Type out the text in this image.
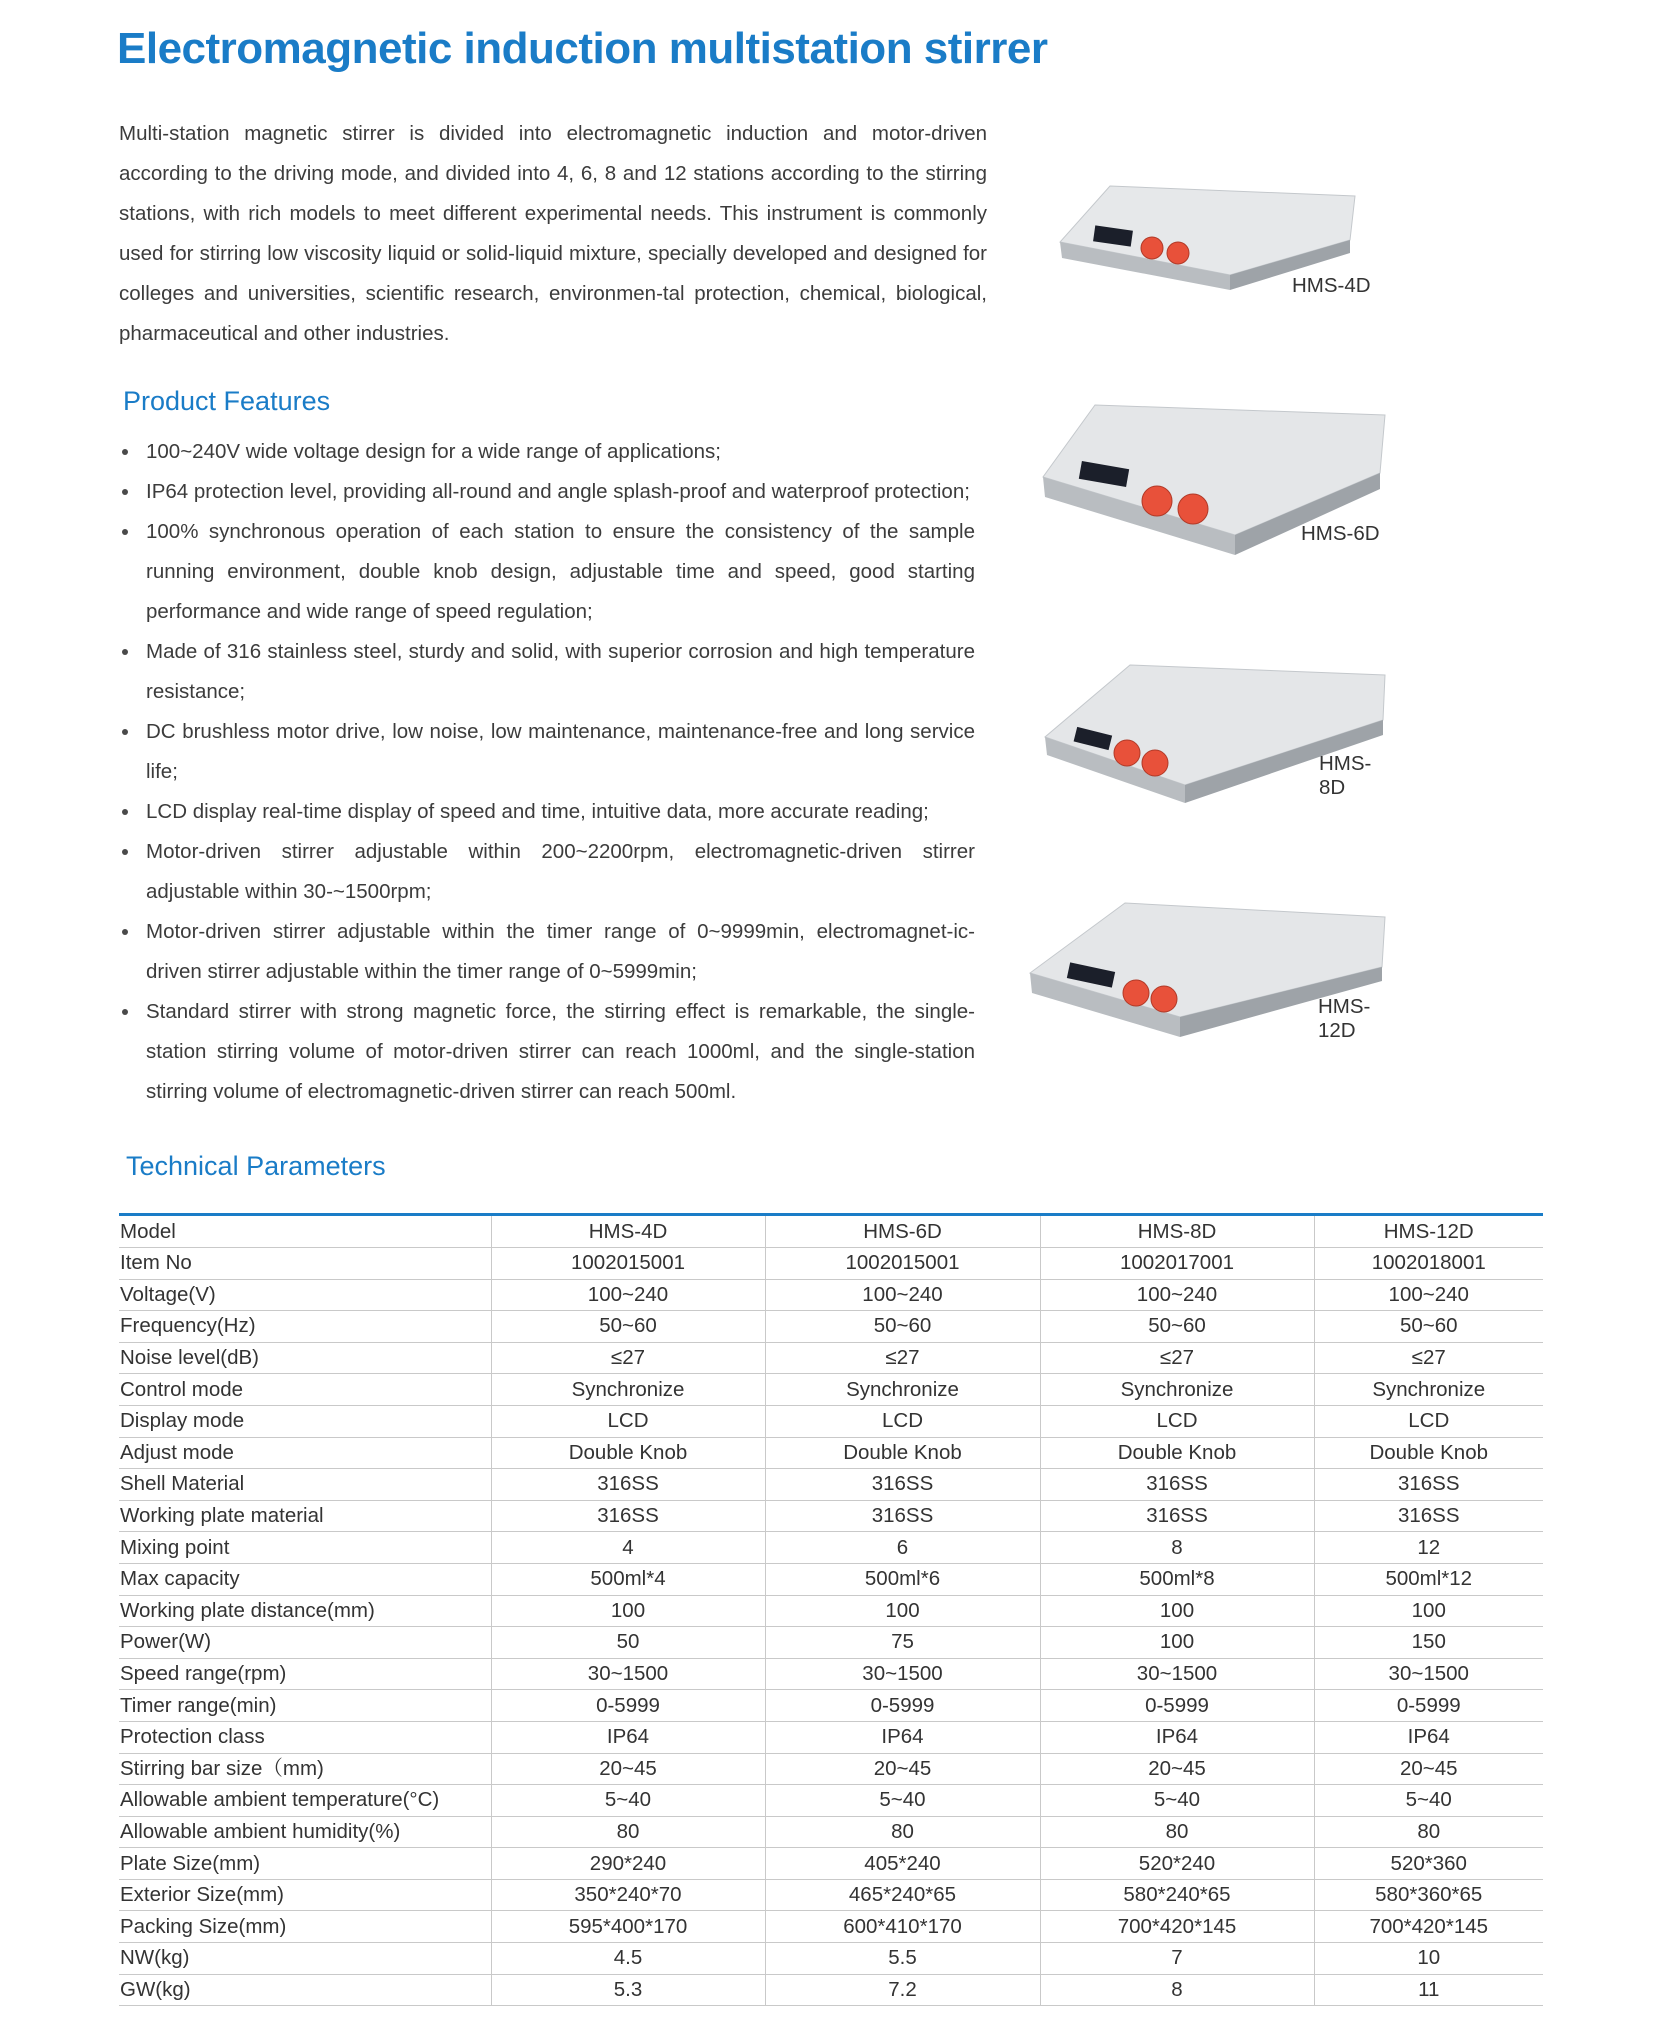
Electromagnetic induction multistation stirrer

Multi-station magnetic stirrer is divided into electromagnetic induction and motor-driven according to the driving mode, and divided into 4, 6, 8 and 12 stations according to the stirring stations, with rich models to meet different experimental needs. This instrument is commonly used for stirring low viscosity liquid or solid-liquid mixture, specially developed and designed for colleges and universities, scientific research, environmen-tal protection, chemical, biological, pharmaceutical and other industries.

Product Features
100~240V wide voltage design for a wide range of applications;
IP64 protection level, providing all-round and angle splash-proof and waterproof protection;
100% synchronous operation of each station to ensure the consistency of the sample running environment, double knob design, adjustable time and speed, good starting performance and wide range of speed regulation;
Made of 316 stainless steel, sturdy and solid, with superior corrosion and high temperature resistance;
DC brushless motor drive, low noise, low maintenance, maintenance-free and long service life;
LCD display real-time display of speed and time, intuitive data, more accurate reading;
Motor-driven stirrer adjustable within 200~2200rpm, electromagnetic-driven stirrer adjustable within 30-~1500rpm;
Motor-driven stirrer adjustable within the timer range of 0~9999min, electromagnet-ic-driven stirrer adjustable within the timer range of 0~5999min;
Standard stirrer with strong magnetic force, the stirring effect is remarkable, the single-station stirring volume of motor-driven stirrer can reach 1000ml, and the single-station stirring volume of electromagnetic-driven stirrer can reach 500ml.
HMS-4D
HMS-6D
HMS-8D
HMS-12D
Technical Parameters
Model	HMS-4D	HMS-6D	HMS-8D	HMS-12D
Item No	1002015001	1002015001	1002017001	1002018001
Voltage(V)	100~240	100~240	100~240	100~240
Frequency(Hz)	50~60	50~60	50~60	50~60
Noise level(dB)	≤27	≤27	≤27	≤27
Control mode	Synchronize	Synchronize	Synchronize	Synchronize
Display mode	LCD	LCD	LCD	LCD
Adjust mode	Double Knob	Double Knob	Double Knob	Double Knob
Shell Material	316SS	316SS	316SS	316SS
Working plate material	316SS	316SS	316SS	316SS
Mixing point	4	6	8	12
Max capacity	500ml*4	500ml*6	500ml*8	500ml*12
Working plate distance(mm)	100	100	100	100
Power(W)	50	75	100	150
Speed range(rpm)	30~1500	30~1500	30~1500	30~1500
Timer range(min)	0-5999	0-5999	0-5999	0-5999
Protection class	IP64	IP64	IP64	IP64
Stirring bar size（mm)	20~45	20~45	20~45	20~45
Allowable ambient temperature(°C)	5~40	5~40	5~40	5~40
Allowable ambient humidity(%)	80	80	80	80
Plate Size(mm)	290*240	405*240	520*240	520*360
Exterior Size(mm)	350*240*70	465*240*65	580*240*65	580*360*65
Packing Size(mm)	595*400*170	600*410*170	700*420*145	700*420*145
NW(kg)	4.5	5.5	7	10
GW(kg)	5.3	7.2	8	11
